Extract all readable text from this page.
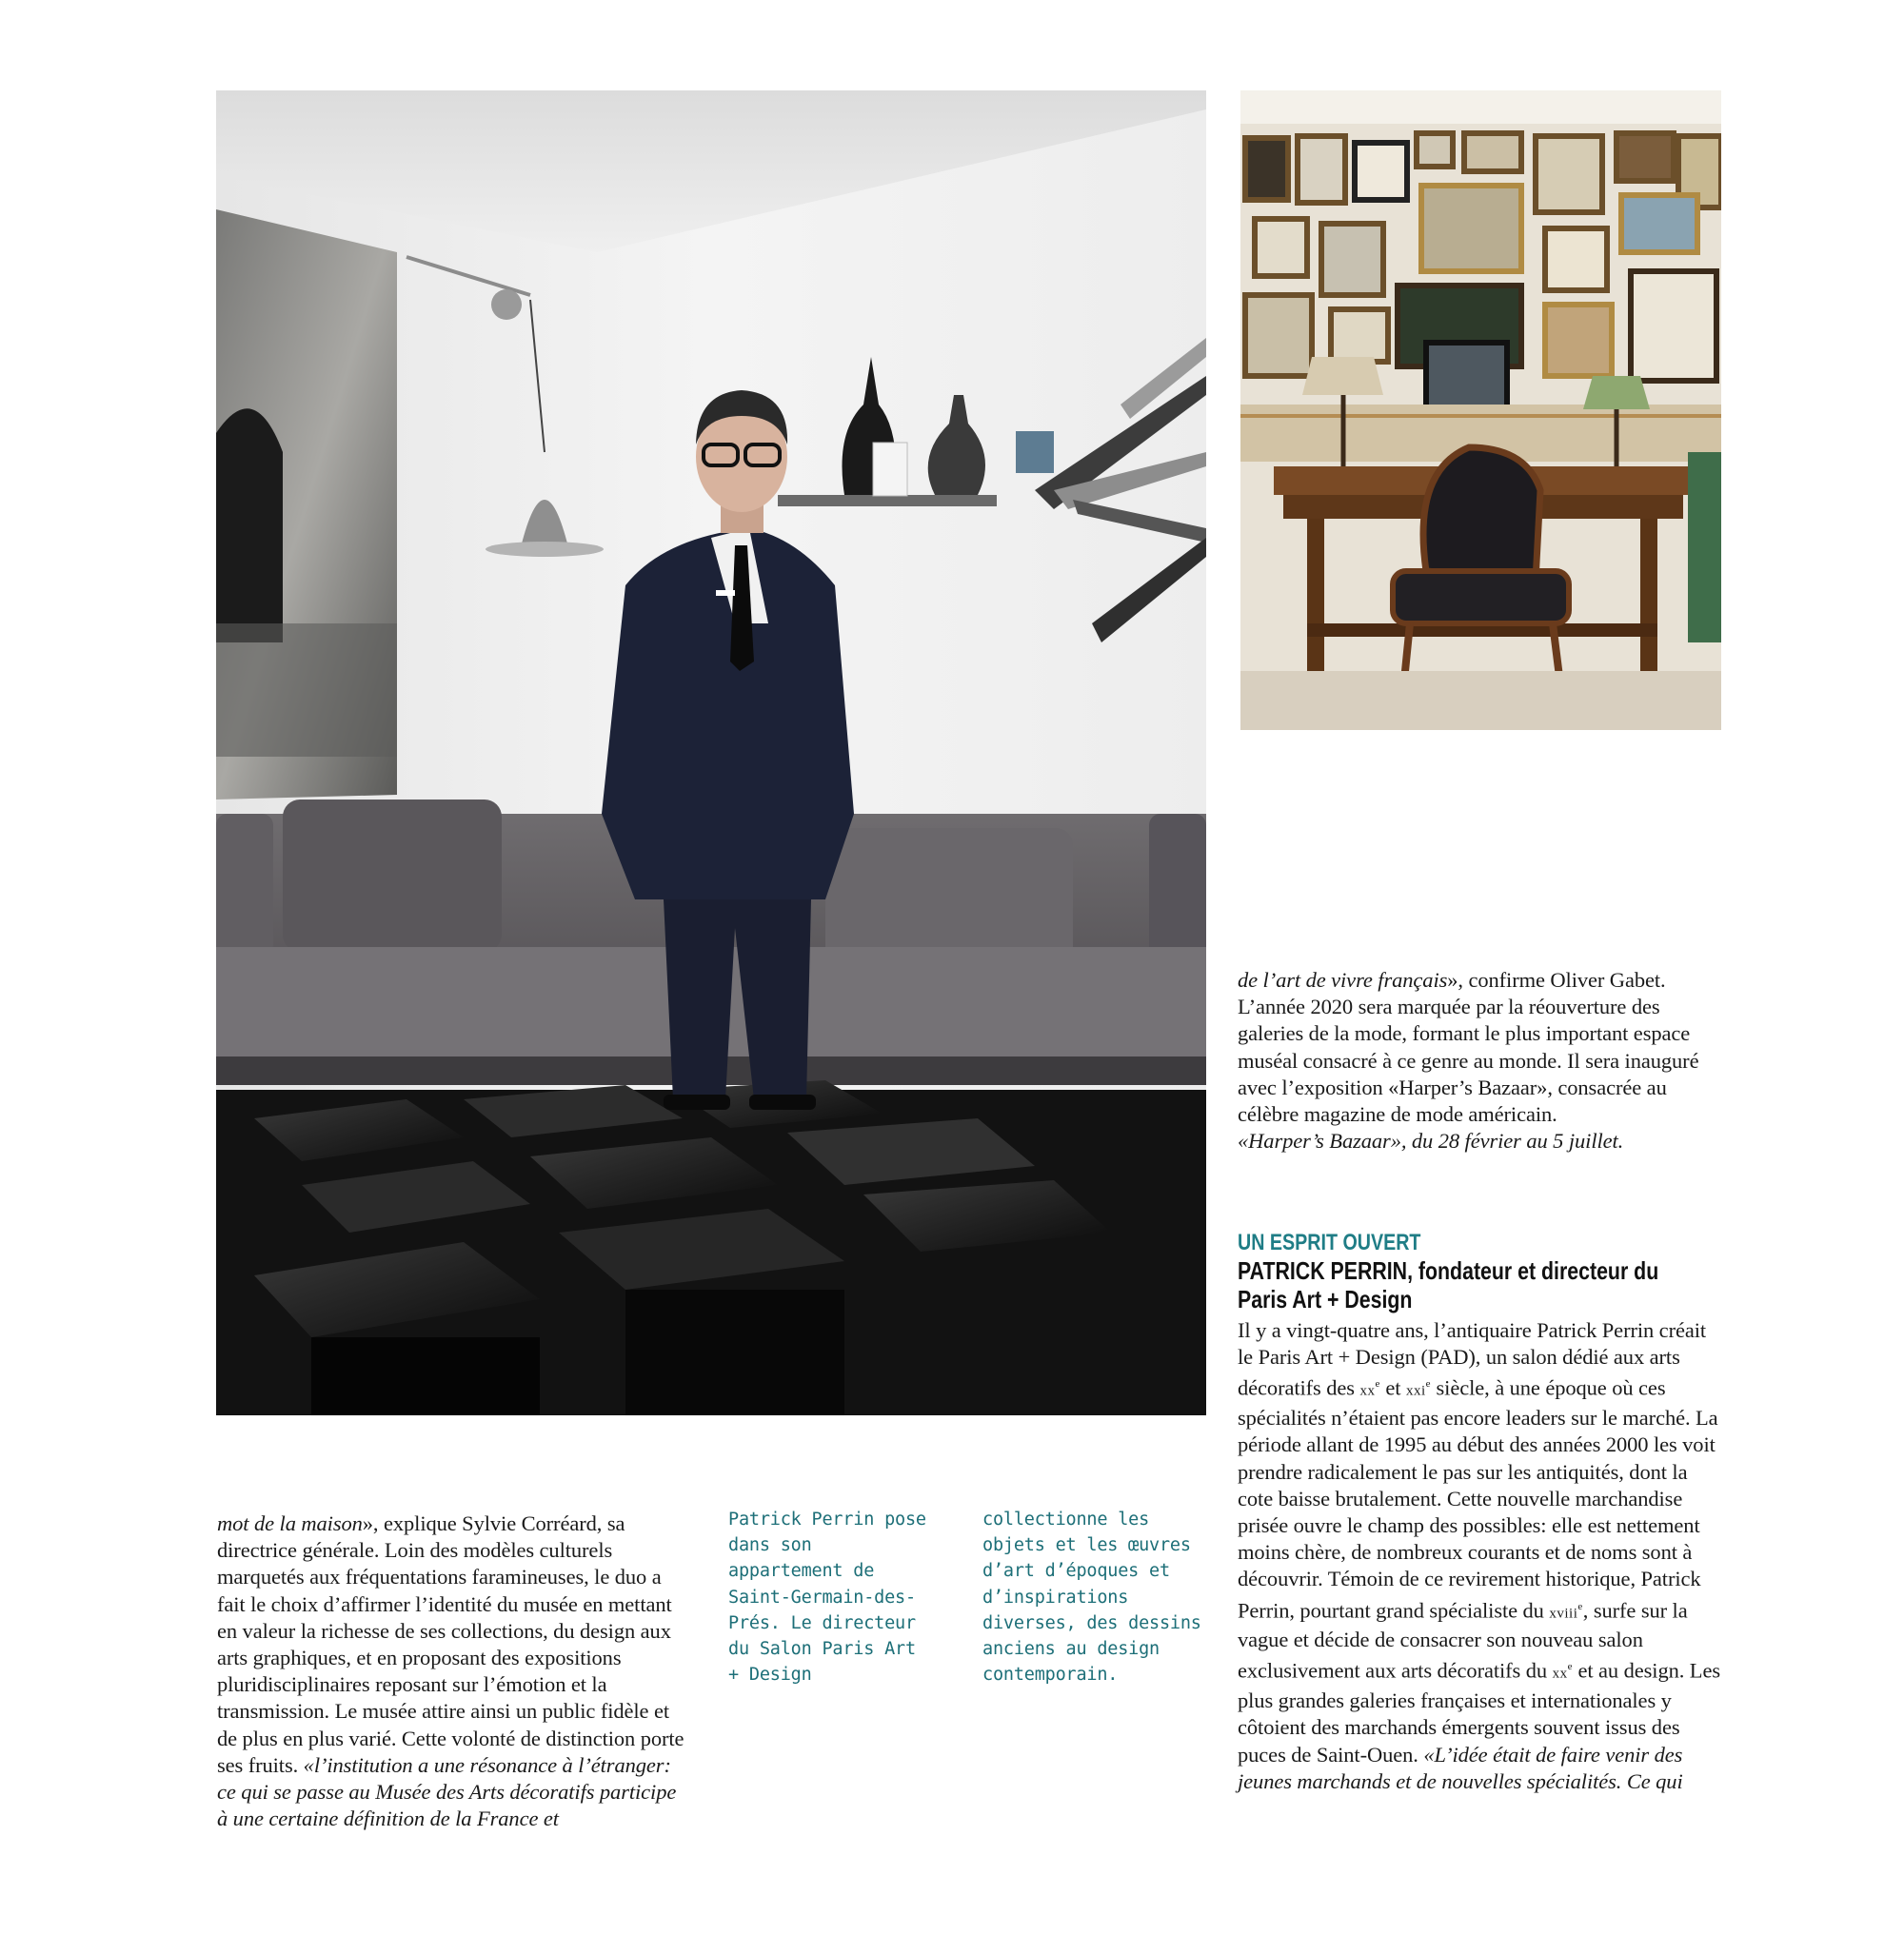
mot de la maison», explique Sylvie Corréard, sa directrice générale. Loin des modèles culturels marquetés aux fréquentations faramineuses, le duo a fait le choix d’affirmer l’identité du musée en mettant en valeur la richesse de ses collections, du design aux arts graphiques, et en proposant des expositions pluridisciplinaires reposant sur l’émotion et la transmission. Le musée attire ainsi un public fidèle et de plus en plus varié. Cette volonté de distinction porte ses fruits. «l’institution a une résonance à l’étranger: ce qui se passe au Musée des Arts décoratifs participe à une certaine définition de la France et

Patrick Perrin pose dans son appartement de Saint-Germain-des-Prés. Le directeur du Salon Paris Art + Design
collectionne les objets et les œuvres d’art d’époques et d’inspirations diverses, des dessins anciens au design contemporain.

de l’art de vivre français», confirme Oliver Gabet. L’année 2020 sera marquée par la réouverture des galeries de la mode, formant le plus important espace muséal consacré à ce genre au monde. Il sera inauguré avec l’exposition «Harper’s Bazaar», consacrée au célèbre magazine de mode américain.

«Harper’s Bazaar», du 28 février au 5 juillet.

UN ESPRIT OUVERT
PATRICK PERRIN, fondateur et directeur du Paris Art + Design

Il y a vingt-quatre ans, l’antiquaire Patrick Perrin créait le Paris Art + Design (PAD), un salon dédié aux arts décoratifs des $xx^e$ et xxi$^e$ siècle, à une époque où ces spécialités n’étaient pas encore leaders sur le marché. La période allant de 1995 au début des années 2000 les voit prendre radicalement le pas sur les antiquités, dont la cote baisse brutalement. Cette nouvelle marchandise prisée ouvre le champ des possibles: elle est nettement moins chère, de nombreux courants et de noms sont à découvrir. Témoin de ce revirement historique, Patrick Perrin, pourtant grand spécialiste du xviii$^e$, surfe sur la vague et décide de consacrer son nouveau salon exclusivement aux arts décoratifs du $xx^e$ et au design. Les plus grandes galeries françaises et internationales y côtoient des marchands émergents souvent issus des puces de Saint-Ouen. «L’idée était de faire venir des jeunes marchands et de nouvelles spécialités. Ce qui
